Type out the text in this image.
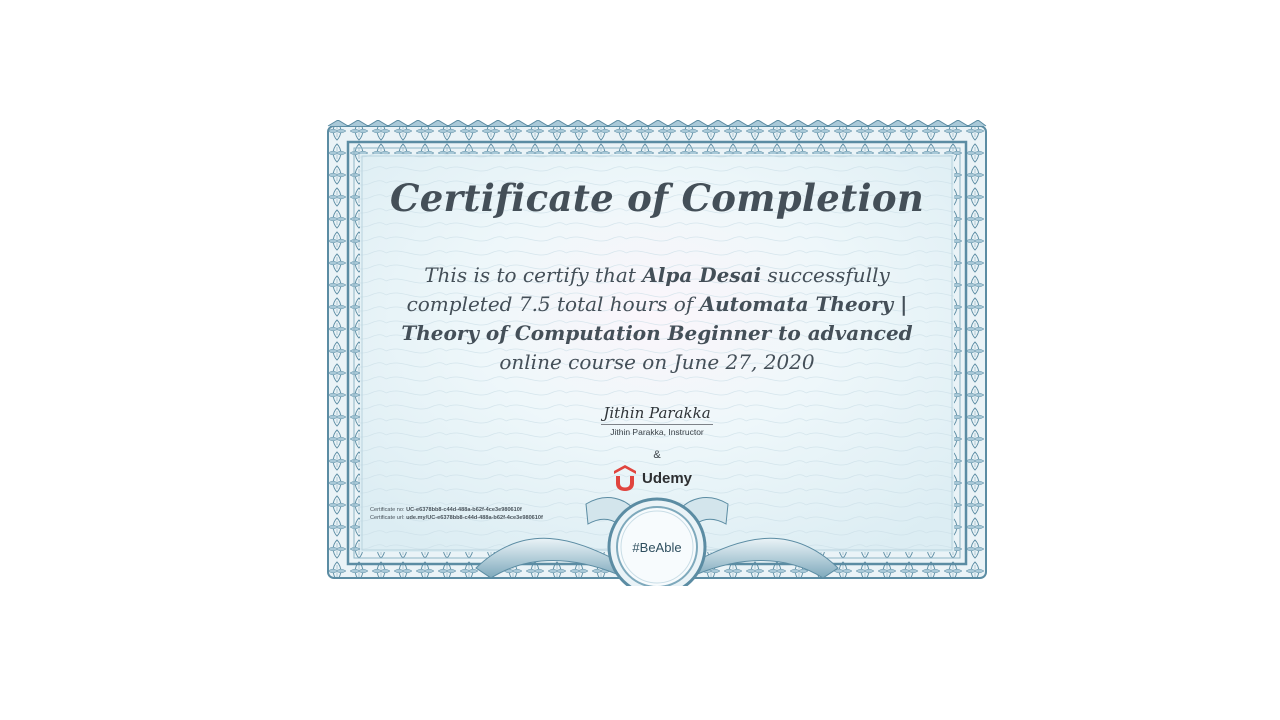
Certificate of Completion

This is to certify that Alpa Desai successfully completed 7.5 total hours of Automata Theory | Theory of Computation Beginner to advanced online course on June 27, 2020

Jithin Parakka
Jithin Parakka, Instructor
&
Udemy
Certificate no: UC-e6378bb8-c44d-488a-b62f-4ce3e980610f
Certificate url: ude.my/UC-e6378bb8-c44d-488a-b62f-4ce3e980610f
#BeAble
